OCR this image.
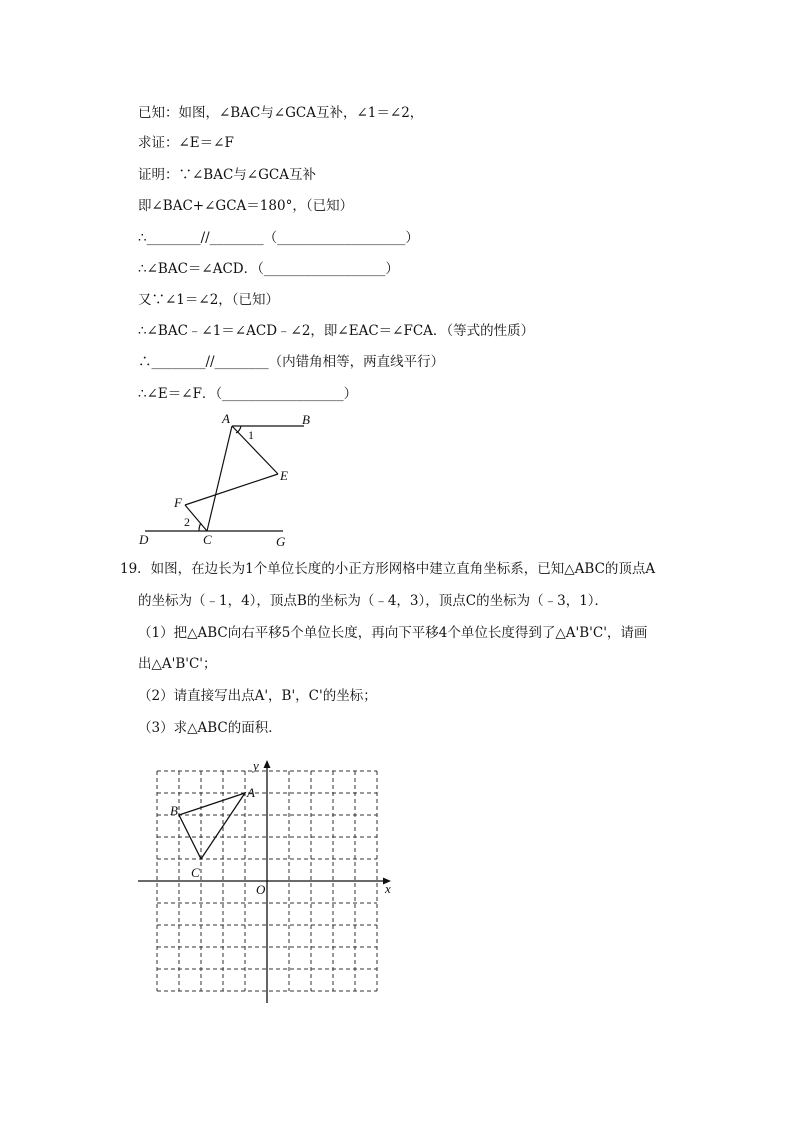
已知：如图，∠BAC与∠GCA互补，∠1＝∠2，
求证：∠E＝∠F
证明：∵∠BAC与∠GCA互补
即∠BAC+∠GCA＝180°，（已知）
∴________//________（___________________）
∴∠BAC＝∠ACD．（__________________）
又∵∠1＝∠2，（已知）
∴∠BAC﹣∠1＝∠ACD﹣∠2，即∠EAC＝∠FCA．（等式的性质）
∴________//________（内错角相等，两直线平行）
∴∠E＝∠F．（__________________）
A	B
E
F
D	C	G
1
2
19．如图，在边长为1个单位长度的小正方形网格中建立直角坐标系，已知△ABC的顶点A
的坐标为（﹣1，4），顶点B的坐标为（﹣4，3），顶点C的坐标为（﹣3，1）．
（1）把△ABC向右平移5个单位长度，再向下平移4个单位长度得到了△A'B'C'，请画
出△A'B'C'；
（2）请直接写出点A'，B'，C'的坐标；
（3）求△ABC的面积．
A
B
C
O	x
y
